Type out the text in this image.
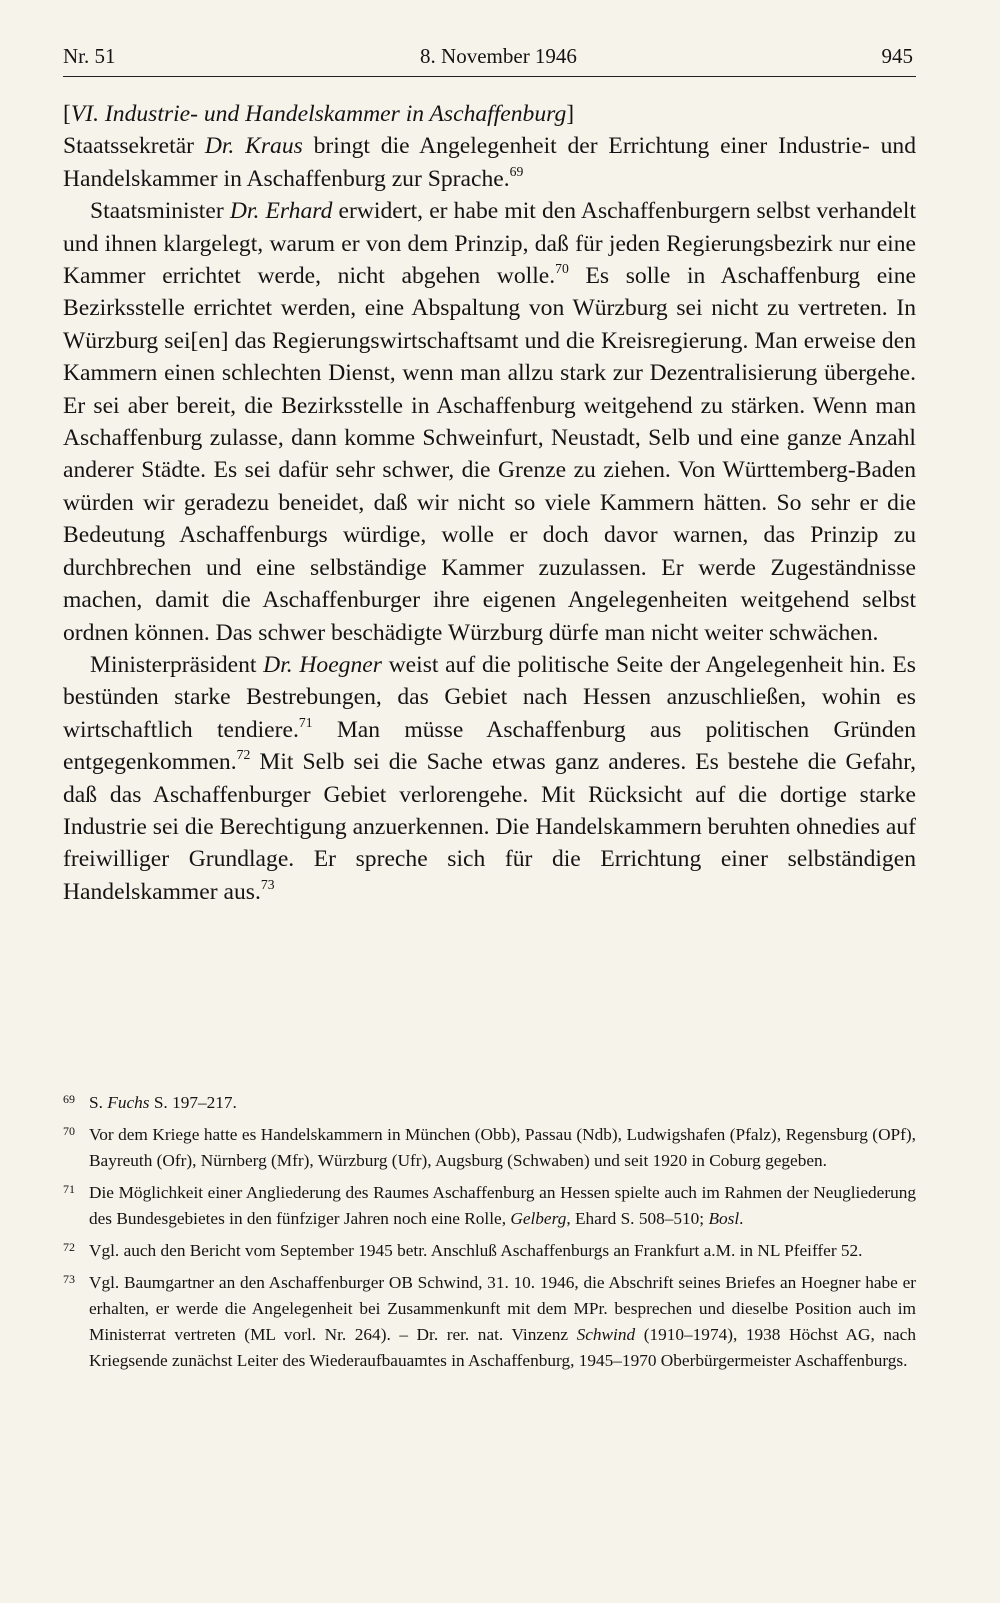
Nr. 51	8. November 1946	945

[VI. Industrie- und Handelskammer in Aschaffenburg]

Staatssekretär Dr. Kraus bringt die Angelegenheit der Errichtung einer Industrie- und Handelskammer in Aschaffenburg zur Sprache.$^{69}$

Staatsminister Dr. Erhard erwidert, er habe mit den Aschaffenburgern selbst verhandelt und ihnen klargelegt, warum er von dem Prinzip, daß für jeden Regierungsbezirk nur eine Kammer errichtet werde, nicht abgehen wolle.$^{70}$ Es solle in Aschaffenburg eine Bezirksstelle errichtet werden, eine Abspaltung von Würzburg sei nicht zu vertreten. In Würzburg sei[en] das Regierungswirtschaftsamt und die Kreisregierung. Man erweise den Kammern einen schlechten Dienst, wenn man allzu stark zur Dezentralisierung übergehe. Er sei aber bereit, die Bezirksstelle in Aschaffenburg weitgehend zu stärken. Wenn man Aschaffenburg zulasse, dann komme Schweinfurt, Neustadt, Selb und eine ganze Anzahl anderer Städte. Es sei dafür sehr schwer, die Grenze zu ziehen. Von Württemberg-Baden würden wir geradezu beneidet, daß wir nicht so viele Kammern hätten. So sehr er die Bedeutung Aschaffenburgs würdige, wolle er doch davor warnen, das Prinzip zu durchbrechen und eine selbständige Kammer zuzulassen. Er werde Zugeständnisse machen, damit die Aschaffenburger ihre eigenen Angelegenheiten weitgehend selbst ordnen können. Das schwer beschädigte Würzburg dürfe man nicht weiter schwächen.

Ministerpräsident Dr. Hoegner weist auf die politische Seite der Angelegenheit hin. Es bestünden starke Bestrebungen, das Gebiet nach Hessen anzuschließen, wohin es wirtschaftlich tendiere.$^{71}$ Man müsse Aschaffenburg aus politischen Gründen entgegenkommen.$^{72}$ Mit Selb sei die Sache etwas ganz anderes. Es bestehe die Gefahr, daß das Aschaffenburger Gebiet verlorengehe. Mit Rücksicht auf die dortige starke Industrie sei die Berechtigung anzuerkennen. Die Handelskammern beruhten ohnedies auf freiwilliger Grundlage. Er spreche sich für die Errichtung einer selbständigen Handelskammer aus.$^{73}$

69 S. Fuchs S. 197–217.
70 Vor dem Kriege hatte es Handelskammern in München (Obb), Passau (Ndb), Ludwigshafen (Pfalz), Regensburg (OPf), Bayreuth (Ofr), Nürnberg (Mfr), Würzburg (Ufr), Augsburg (Schwaben) und seit 1920 in Coburg gegeben.
71 Die Möglichkeit einer Angliederung des Raumes Aschaffenburg an Hessen spielte auch im Rahmen der Neugliederung des Bundesgebietes in den fünfziger Jahren noch eine Rolle, Gelberg, Ehard S. 508–510; Bosl.
72 Vgl. auch den Bericht vom September 1945 betr. Anschluß Aschaffenburgs an Frankfurt a.M. in NL Pfeiffer 52.
73 Vgl. Baumgartner an den Aschaffenburger OB Schwind, 31. 10. 1946, die Abschrift seines Briefes an Hoegner habe er erhalten, er werde die Angelegenheit bei Zusammenkunft mit dem MPr. besprechen und dieselbe Position auch im Ministerrat vertreten (ML vorl. Nr. 264). – Dr. rer. nat. Vinzenz Schwind (1910–1974), 1938 Höchst AG, nach Kriegsende zunächst Leiter des Wiederaufbauamtes in Aschaffenburg, 1945–1970 Oberbürgermeister Aschaffenburgs.
